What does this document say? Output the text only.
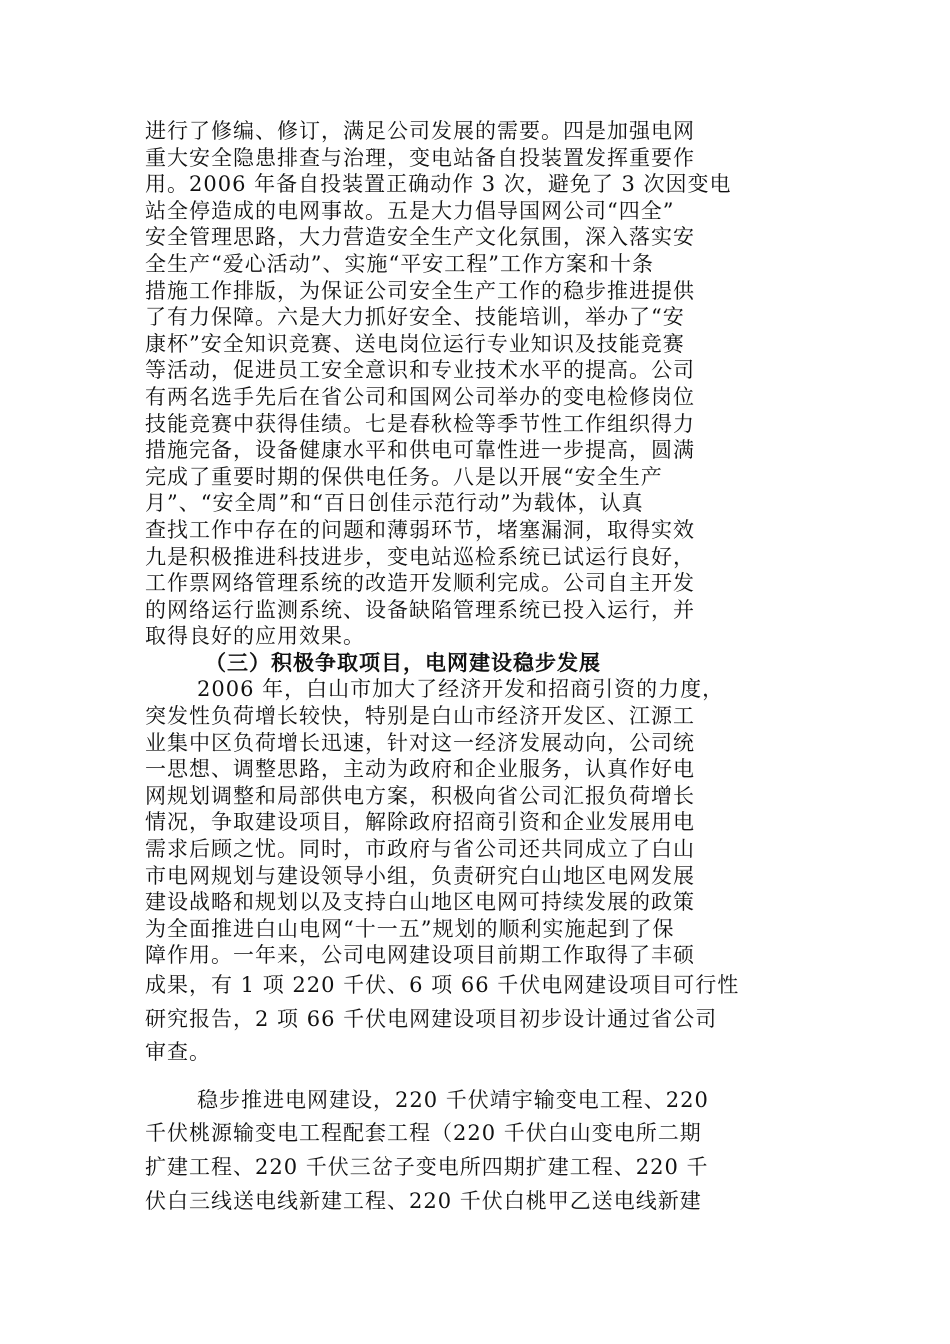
进行了修编、修订，满足公司发展的需要。四是加强电网
重大安全隐患排查与治理，变电站备自投装置发挥重要作
用。2006 年备自投装置正确动作 3 次，避免了 3 次因变电
站全停造成的电网事故。五是大力倡导国网公司“四全”
安全管理思路，大力营造安全生产文化氛围，深入落实安
全生产“爱心活动”、实施“平安工程”工作方案和十条
措施工作排版，为保证公司安全生产工作的稳步推进提供
了有力保障。六是大力抓好安全、技能培训，举办了“安
康杯”安全知识竞赛、送电岗位运行专业知识及技能竞赛
等活动，促进员工安全意识和专业技术水平的提高。公司
有两名选手先后在省公司和国网公司举办的变电检修岗位
技能竞赛中获得佳绩。七是春秋检等季节性工作组织得力
措施完备，设备健康水平和供电可靠性进一步提高，圆满
完成了重要时期的保供电任务。八是以开展“安全生产
月”、“安全周”和“百日创佳示范行动”为载体，认真
查找工作中存在的问题和薄弱环节，堵塞漏洞，取得实效
九是积极推进科技进步，变电站巡检系统已试运行良好，
工作票网络管理系统的改造开发顺利完成。公司自主开发
的网络运行监测系统、设备缺陷管理系统已投入运行，并
取得良好的应用效果。
（三）积极争取项目，电网建设稳步发展
2006 年，白山市加大了经济开发和招商引资的力度，
突发性负荷增长较快，特别是白山市经济开发区、江源工
业集中区负荷增长迅速，针对这一经济发展动向，公司统
一思想、调整思路，主动为政府和企业服务，认真作好电
网规划调整和局部供电方案，积极向省公司汇报负荷增长
情况，争取建设项目，解除政府招商引资和企业发展用电
需求后顾之忧。同时，市政府与省公司还共同成立了白山
市电网规划与建设领导小组，负责研究白山地区电网发展
建设战略和规划以及支持白山地区电网可持续发展的政策
为全面推进白山电网“十一五”规划的顺利实施起到了保
障作用。一年来，公司电网建设项目前期工作取得了丰硕
成果，有 1 项 220 千伏、6 项 66 千伏电网建设项目可行性
研究报告，2 项 66 千伏电网建设项目初步设计通过省公司
审查。
稳步推进电网建设，220 千伏靖宇输变电工程、220
千伏桃源输变电工程配套工程（220 千伏白山变电所二期
扩建工程、220 千伏三岔子变电所四期扩建工程、220 千
伏白三线送电线新建工程、220 千伏白桃甲乙送电线新建
